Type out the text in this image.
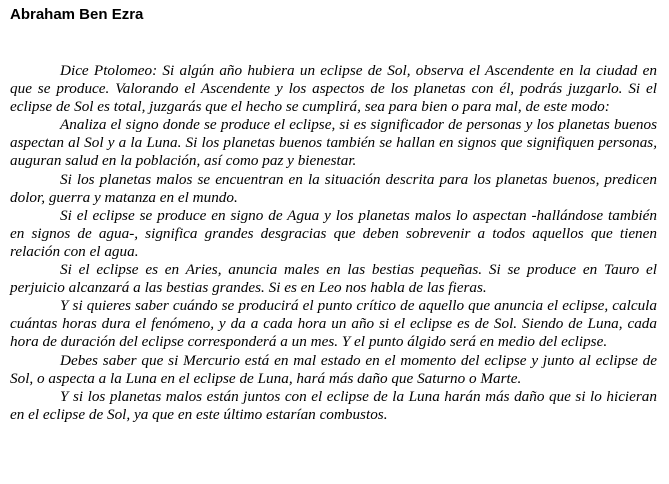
Abraham Ben Ezra

Dice Ptolomeo: Si algún año hubiera un eclipse de Sol, observa el Ascendente en la ciudad en que se produce. Valorando el Ascendente y los aspectos de los planetas con él, podrás juzgarlo. Si el eclipse de Sol es total, juzgarás que el hecho se cumplirá, sea para bien o para mal, de este modo:

Analiza el signo donde se produce el eclipse, si es significador de personas y los planetas buenos aspectan al Sol y a la Luna. Si los planetas buenos también se hallan en signos que signifiquen personas, auguran salud en la población, así como paz y bienestar.

Si los planetas malos se encuentran en la situación descrita para los planetas buenos, predicen dolor, guerra y matanza en el mundo.

Si el eclipse se produce en signo de Agua y los planetas malos lo aspectan -hallándose también en signos de agua-, significa grandes desgracias que deben sobrevenir a todos aquellos que tienen relación con el agua.

Si el eclipse es en Aries, anuncia males en las bestias pequeñas. Si se produce en Tauro el perjuicio alcanzará a las bestias grandes. Si es en Leo nos habla de las fieras.

Y si quieres saber cuándo se producirá el punto crítico de aquello que anuncia el eclipse, calcula cuántas horas dura el fenómeno, y da a cada hora un año si el eclipse es de Sol. Siendo de Luna, cada hora de duración del eclipse corresponderá a un mes. Y el punto álgido será en medio del eclipse.

Debes saber que si Mercurio está en mal estado en el momento del eclipse y junto al eclipse de Sol, o aspecta a la Luna en el eclipse de Luna, hará más daño que Saturno o Marte.

Y si los planetas malos están juntos con el eclipse de la Luna harán más daño que si lo hicieran en el eclipse de Sol, ya que en este último estarían combustos.
